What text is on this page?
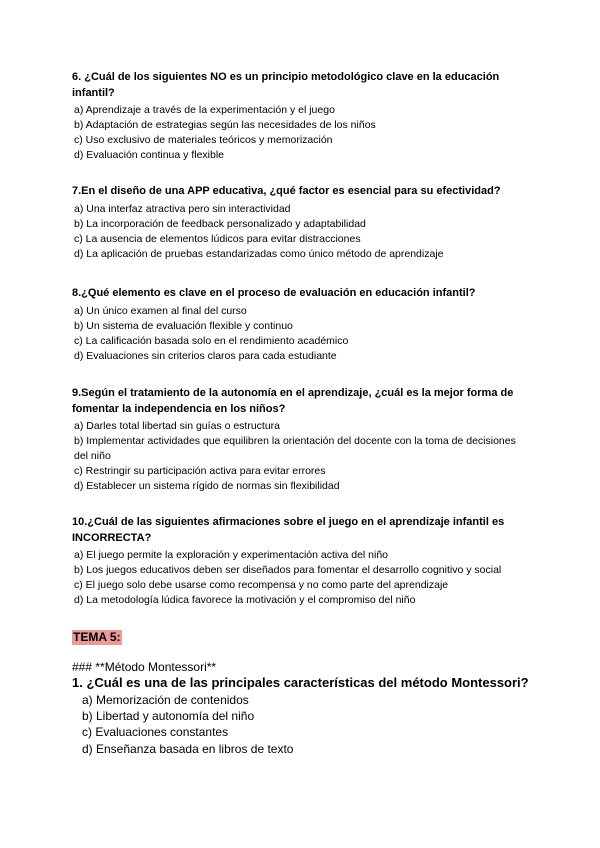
6. ¿Cuál de los siguientes NO es un principio metodológico clave en la educación infantil?

a) Aprendizaje a través de la experimentación y el juego

b) Adaptación de estrategias según las necesidades de los niños

c) Uso exclusivo de materiales teóricos y memorización

d) Evaluación continua y flexible

7.En el diseño de una APP educativa, ¿qué factor es esencial para su efectividad?

a) Una interfaz atractiva pero sin interactividad

b) La incorporación de feedback personalizado y adaptabilidad

c) La ausencia de elementos lúdicos para evitar distracciones

d) La aplicación de pruebas estandarizadas como único método de aprendizaje

8.¿Qué elemento es clave en el proceso de evaluación en educación infantil?

a) Un único examen al final del curso

b) Un sistema de evaluación flexible y continuo

c) La calificación basada solo en el rendimiento académico

d) Evaluaciones sin criterios claros para cada estudiante

9.Según el tratamiento de la autonomía en el aprendizaje, ¿cuál es la mejor forma de fomentar la independencia en los niños?

a) Darles total libertad sin guías o estructura

b) Implementar actividades que equilibren la orientación del docente con la toma de decisiones del niño

c) Restringir su participación activa para evitar errores

d) Establecer un sistema rígido de normas sin flexibilidad

10.¿Cuál de las siguientes afirmaciones sobre el juego en el aprendizaje infantil es INCORRECTA?

a) El juego permite la exploración y experimentación activa del niño

b) Los juegos educativos deben ser diseñados para fomentar el desarrollo cognitivo y social

c) El juego solo debe usarse como recompensa y no como parte del aprendizaje

d) La metodología lúdica favorece la motivación y el compromiso del niño

TEMA 5:

### **Método Montessori**

1. ¿Cuál es una de las principales características del método Montessori?

a) Memorización de contenidos

b) Libertad y autonomía del niño

c) Evaluaciones constantes

d) Enseñanza basada en libros de texto
